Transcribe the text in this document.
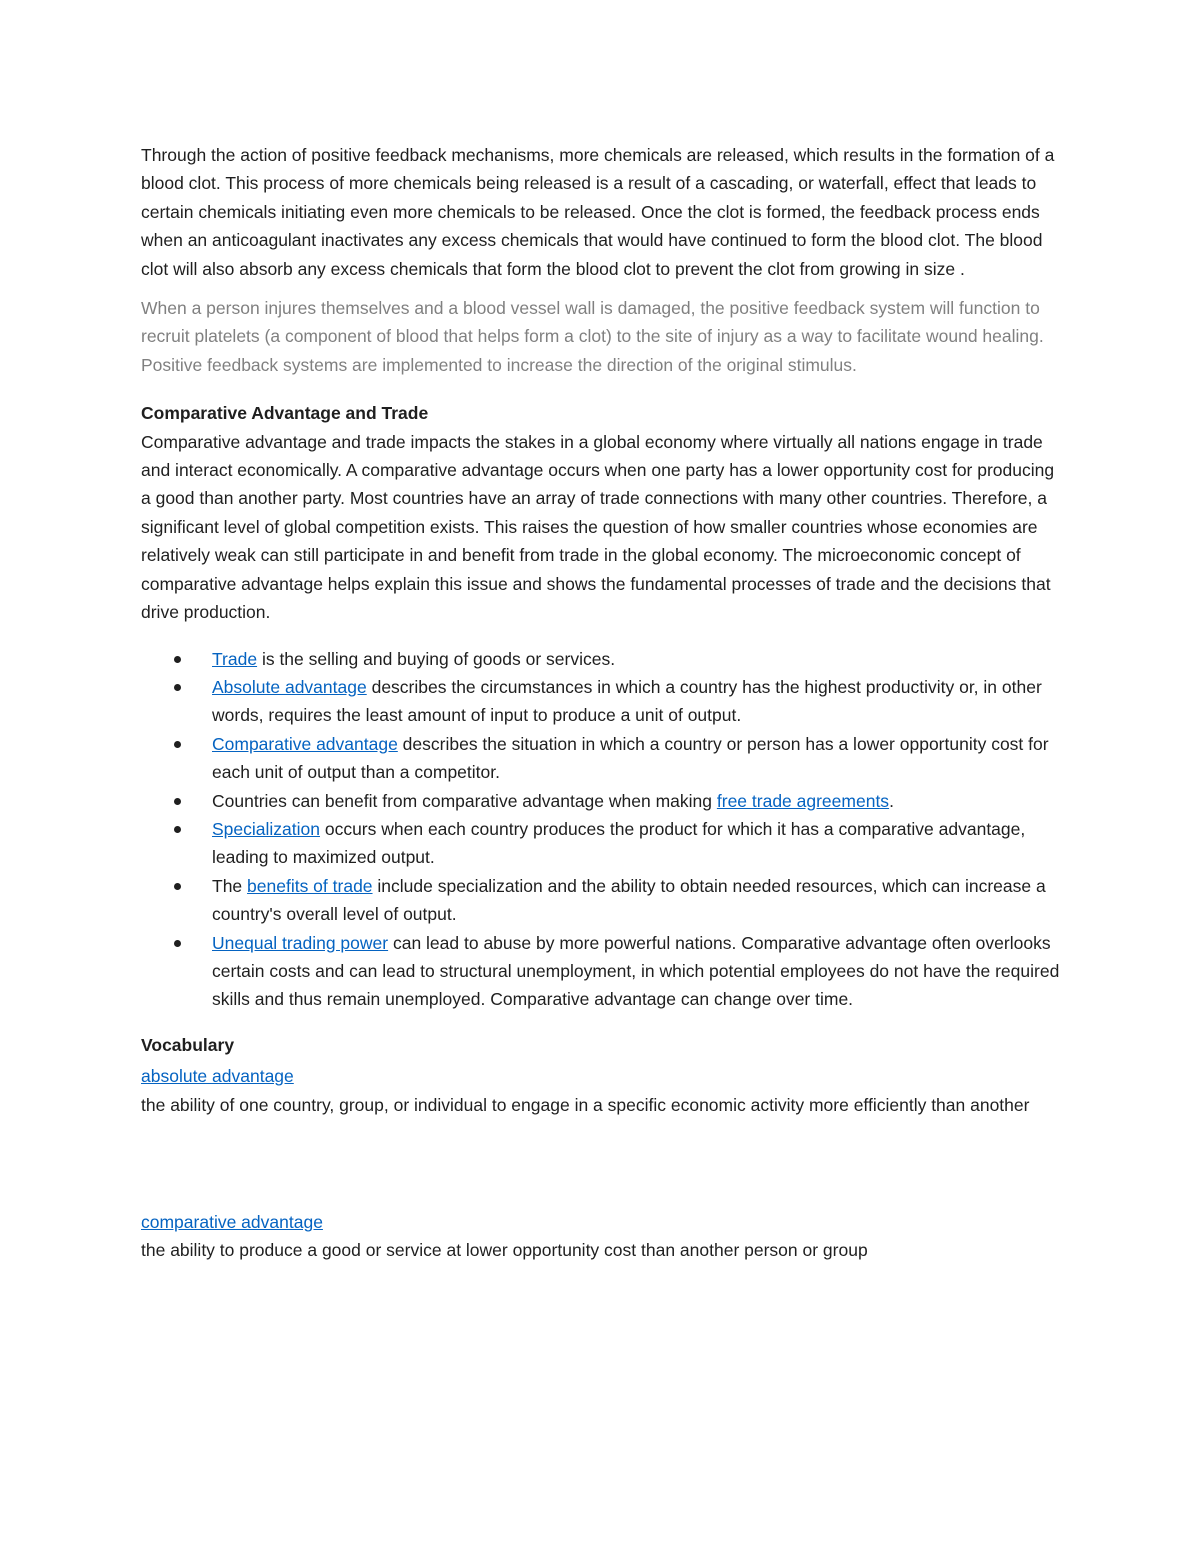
Through the action of positive feedback mechanisms, more chemicals are released, which results in the formation of a blood clot. This process of more chemicals being released is a result of a cascading, or waterfall, effect that leads to certain chemicals initiating even more chemicals to be released. Once the clot is formed, the feedback process ends when an anticoagulant inactivates any excess chemicals that would have continued to form the blood clot. The blood clot will also absorb any excess chemicals that form the blood clot to prevent the clot from growing in size .

When a person injures themselves and a blood vessel wall is damaged, the positive feedback system will function to recruit platelets (a component of blood that helps form a clot) to the site of injury as a way to facilitate wound healing. Positive feedback systems are implemented to increase the direction of the original stimulus.

Comparative Advantage and Trade

Comparative advantage and trade impacts the stakes in a global economy where virtually all nations engage in trade and interact economically. A comparative advantage occurs when one party has a lower opportunity cost for producing a good than another party. Most countries have an array of trade connections with many other countries. Therefore, a significant level of global competition exists. This raises the question of how smaller countries whose economies are relatively weak can still participate in and benefit from trade in the global economy. The microeconomic concept of comparative advantage helps explain this issue and shows the fundamental processes of trade and the decisions that drive production.

Trade is the selling and buying of goods or services.
Absolute advantage describes the circumstances in which a country has the highest productivity or, in other words, requires the least amount of input to produce a unit of output.
Comparative advantage describes the situation in which a country or person has a lower opportunity cost for each unit of output than a competitor.
Countries can benefit from comparative advantage when making free trade agreements.
Specialization occurs when each country produces the product for which it has a comparative advantage, leading to maximized output.
The benefits of trade include specialization and the ability to obtain needed resources, which can increase a country's overall level of output.
Unequal trading power can lead to abuse by more powerful nations. Comparative advantage often overlooks certain costs and can lead to structural unemployment, in which potential employees do not have the required skills and thus remain unemployed. Comparative advantage can change over time.

Vocabulary

absolute advantage

the ability of one country, group, or individual to engage in a specific economic activity more efficiently than another

comparative advantage

the ability to produce a good or service at lower opportunity cost than another person or group
